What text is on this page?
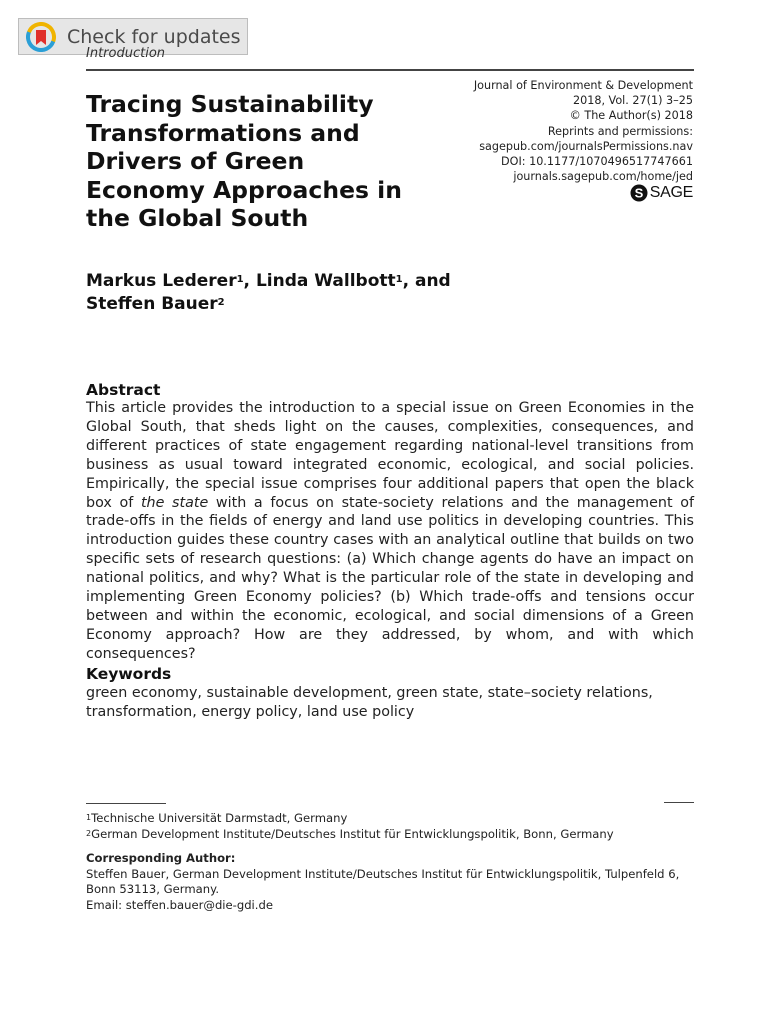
Check for updates
Introduction
Journal of Environment & Development
2018, Vol. 27(1) 3–25
© The Author(s) 2018
Reprints and permissions:
sagepub.com/journalsPermissions.nav
DOI: 10.1177/1070496517747661
journals.sagepub.com/home/jed
S SAGE
Tracing Sustainability Transformations and Drivers of Green Economy Approaches in the Global South
Markus Lederer$^1$, Linda Wallbott$^1$, and
Steffen Bauer$^2$
Abstract
This article provides the introduction to a special issue on Green Economies in the Global South, that sheds light on the causes, complexities, consequences, and different practices of state engagement regarding national-level transitions from business as usual toward integrated economic, ecological, and social policies. Empirically, the special issue comprises four additional papers that open the black box of the state with a focus on state-society relations and the management of trade-offs in the fields of energy and land use politics in developing countries. This introduction guides these country cases with an analytical outline that builds on two specific sets of research questions: (a) Which change agents do have an impact on national politics, and why? What is the particular role of the state in developing and implementing Green Economy policies? (b) Which trade-offs and tensions occur between and within the economic, ecological, and social dimensions of a Green Economy approach? How are they addressed, by whom, and with which consequences?
Keywords
green economy, sustainable development, green state, state–society relations,
transformation, energy policy, land use policy
$^1$Technische Universität Darmstadt, Germany
$^2$German Development Institute/Deutsches Institut für Entwicklungspolitik, Bonn, Germany
Corresponding Author:
Steffen Bauer, German Development Institute/Deutsches Institut für Entwicklungspolitik, Tulpenfeld 6,
Bonn 53113, Germany.
Email: steffen.bauer@die-gdi.de
